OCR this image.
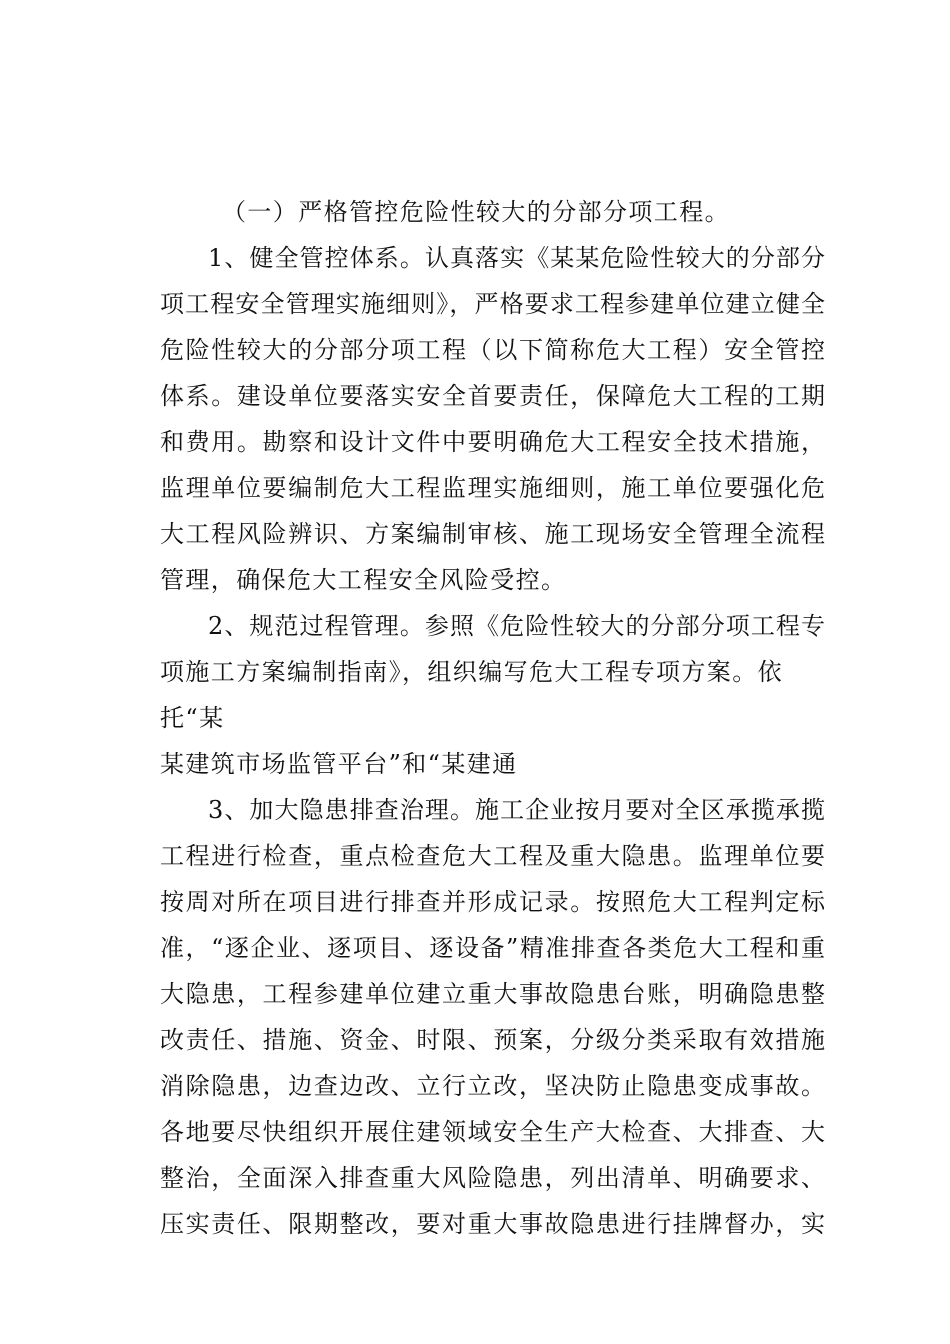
（一）严格管控危险性较大的分部分项工程。
1、健全管控体系。认真落实《某某危险性较大的分部分
项工程安全管理实施细则》，严格要求工程参建单位建立健全
危险性较大的分部分项工程（以下简称危大工程）安全管控
体系。建设单位要落实安全首要责任，保障危大工程的工期
和费用。勘察和设计文件中要明确危大工程安全技术措施，
监理单位要编制危大工程监理实施细则，施工单位要强化危
大工程风险辨识、方案编制审核、施工现场安全管理全流程
管理，确保危大工程安全风险受控。
2、规范过程管理。参照《危险性较大的分部分项工程专
项施工方案编制指南》，组织编写危大工程专项方案。依
托“某
某建筑市场监管平台”和“某建通
3、加大隐患排查治理。施工企业按月要对全区承揽承揽
工程进行检查，重点检查危大工程及重大隐患。监理单位要
按周对所在项目进行排查并形成记录。按照危大工程判定标
准，“逐企业、逐项目、逐设备”精准排查各类危大工程和重
大隐患，工程参建单位建立重大事故隐患台账，明确隐患整
改责任、措施、资金、时限、预案，分级分类采取有效措施
消除隐患，边查边改、立行立改，坚决防止隐患变成事故。
各地要尽快组织开展住建领域安全生产大检查、大排查、大
整治，全面深入排查重大风险隐患，列出清单、明确要求、
压实责任、限期整改，要对重大事故隐患进行挂牌督办，实
